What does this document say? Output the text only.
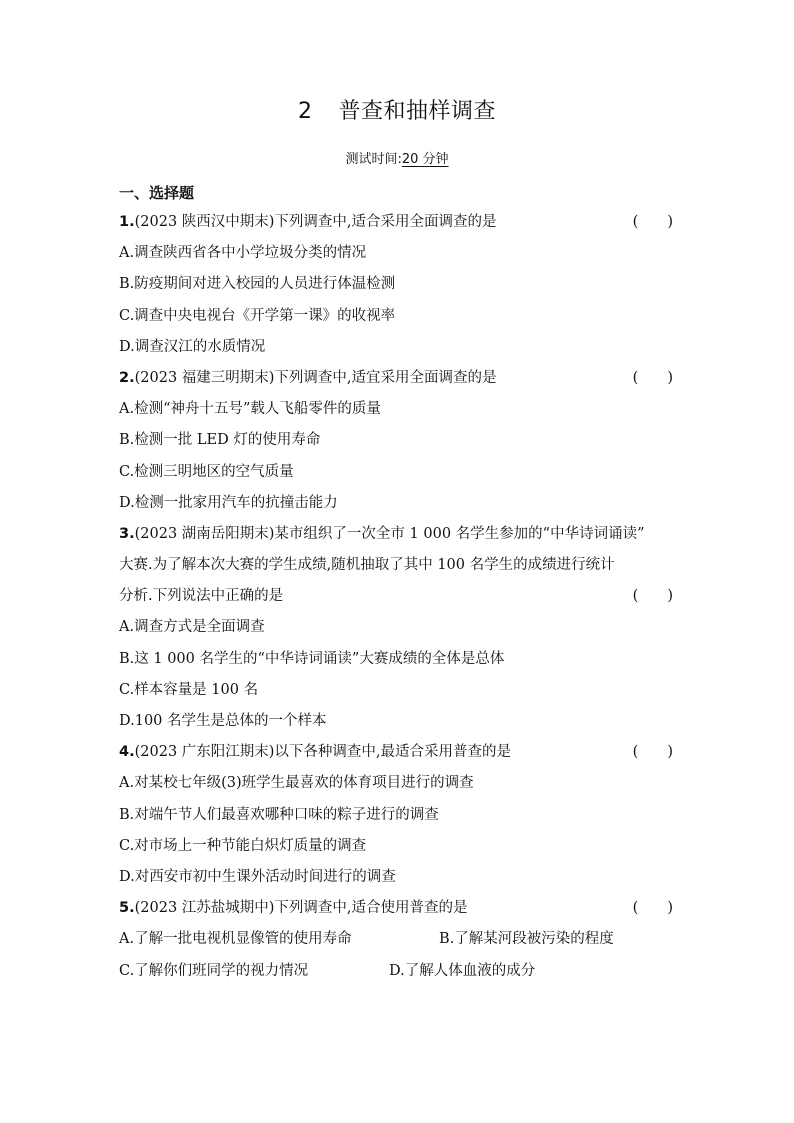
2 普查和抽样调查
测试时间:20 分钟
一、选择题
1.(2023 陕西汉中期末)下列调查中,适合采用全面调查的是	(　　)
A.调查陕西省各中小学垃圾分类的情况
B.防疫期间对进入校园的人员进行体温检测
C.调查中央电视台《开学第一课》的收视率
D.调查汉江的水质情况
2.(2023 福建三明期末)下列调查中,适宜采用全面调查的是	(　　)
A.检测“神舟十五号”载人飞船零件的质量
B.检测一批 LED 灯的使用寿命
C.检测三明地区的空气质量
D.检测一批家用汽车的抗撞击能力
3.(2023 湖南岳阳期末)某市组织了一次全市 1 000 名学生参加的“中华诗词诵读”
大赛.为了解本次大赛的学生成绩,随机抽取了其中 100 名学生的成绩进行统计
分析.下列说法中正确的是	(　　)
A.调查方式是全面调查
B.这 1 000 名学生的“中华诗词诵读”大赛成绩的全体是总体
C.样本容量是 100 名
D.100 名学生是总体的一个样本
4.(2023 广东阳江期末)以下各种调查中,最适合采用普查的是	(　　)
A.对某校七年级(3)班学生最喜欢的体育项目进行的调查
B.对端午节人们最喜欢哪种口味的粽子进行的调查
C.对市场上一种节能白炽灯质量的调查
D.对西安市初中生课外活动时间进行的调查
5.(2023 江苏盐城期中)下列调查中,适合使用普查的是	(　　)
A.了解一批电视机显像管的使用寿命	B.了解某河段被污染的程度
C.了解你们班同学的视力情况	D.了解人体血液的成分
